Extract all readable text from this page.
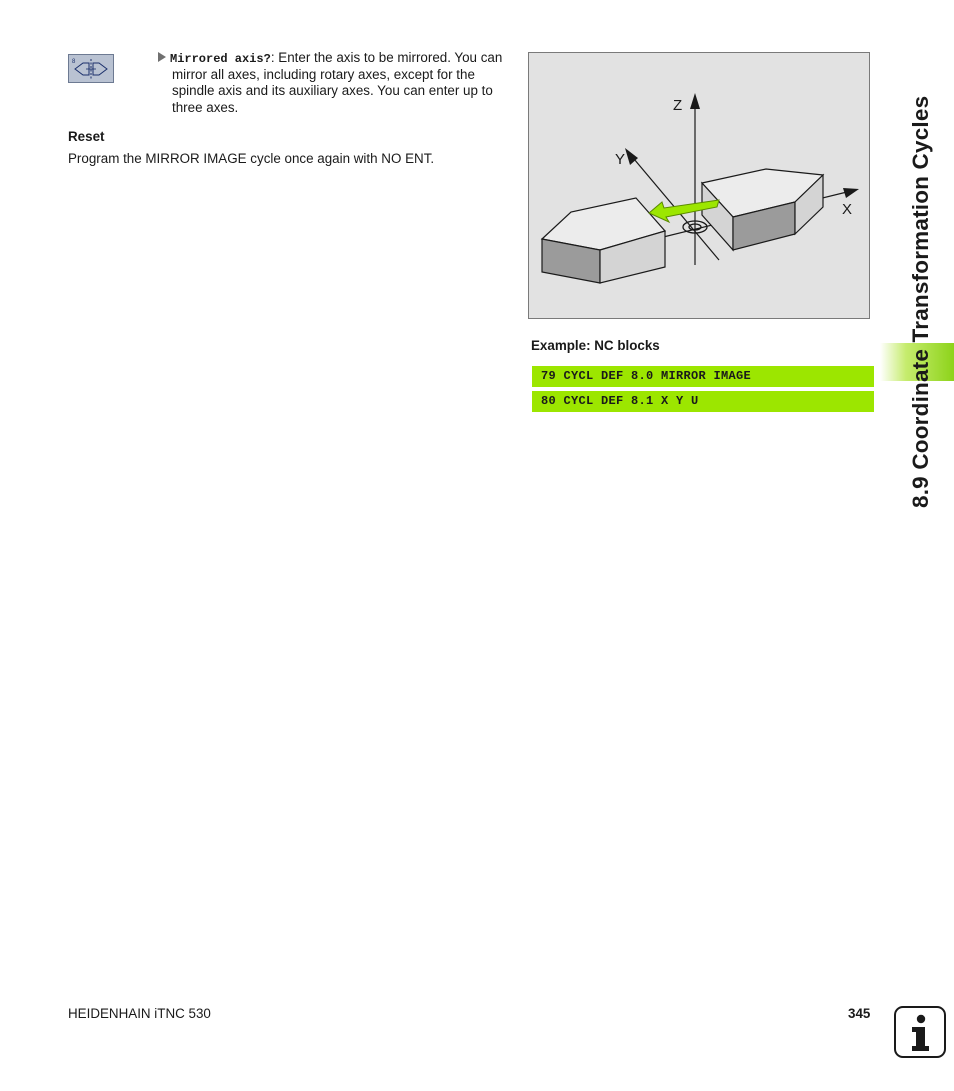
8	Mirrored axis?: Enter the axis to be mirrored. You can
mirror all axes, including rotary axes, except for the
spindle axis and its auxiliary axes. You can enter up to
three axes.
Reset
Program the MIRROR IMAGE cycle once again with NO ENT.
Z
Y
X
Example: NC blocks
79 CYCL DEF 8.0 MIRROR IMAGE
80 CYCL DEF 8.1 X Y U	8.9 Coordinate Transformation Cycles
HEIDENHAIN iTNC 530	345
